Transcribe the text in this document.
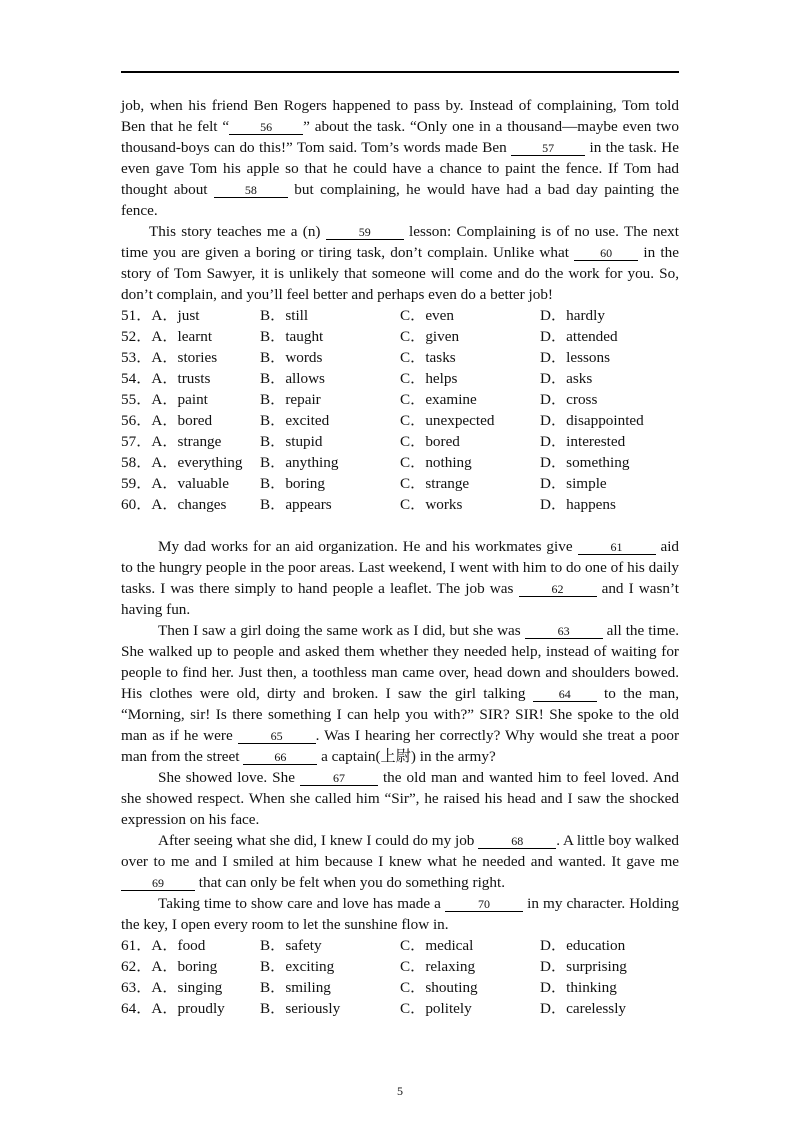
job, when his friend Ben Rogers happened to pass by. Instead of complaining, Tom told Ben that he felt “	56 ” about the task. “Only one in a thousand—maybe even two thousand-boys can do this!” Tom said. Tom’s words made Ben	57 in the task. He even gave Tom his apple so that he could have a chance to paint the fence. If Tom had thought about	58 but complaining, he would have had a bad day painting the fence.

This story teaches me a (n)	59 lesson: Complaining is of no use. The next time you are given a boring or tiring task, don’t complain. Unlike what 60 in the story of Tom Sawyer, it is unlikely that someone will come and do the work for you. So, don’t complain, and you’ll feel better and perhaps even do a better job!

51．A．just	B．still	C．even	D．hardly
52．A．learnt	B．taught	C．given	D．attended
53．A．stories	B．words	C．tasks	D．lessons
54．A．trusts	B．allows	C．helps	D．asks
55．A．paint	B．repair	C．examine	D．cross
56．A．bored	B．excited	C．unexpected	D．disappointed
57．A．strange	B．stupid	C．bored	D．interested
58．A．everything	B．anything	C．nothing	D．something
59．A．valuable	B．boring	C．strange	D．simple
60．A．changes	B．appears	C．works	D．happens

My dad works for an aid organization. He and his workmates give	61 aid to the hungry people in the poor areas. Last weekend, I went with him to do one of his daily tasks. I was there simply to hand people a leaflet. The job was	62 and I wasn’t having fun.

Then I saw a girl doing the same work as I did, but she was	63 all the time. She walked up to people and asked them whether they needed help, instead of waiting for people to find her. Just then, a toothless man came over, head down and shoulders bowed. His clothes were old, dirty and broken. I saw the girl talking 64 to the man, “Morning, sir! Is there something I can help you with?” SIR? SIR! She spoke to the old man as if he were	65 . Was I hearing her correctly? Why would she treat a poor man from the street	66 a captain(上尉) in the army?

She showed love. She	67 the old man and wanted him to feel loved. And she showed respect. When she called him “Sir”, he raised his head and I saw the shocked expression on his face.

After seeing what she did, I knew I could do my job	68 . A little boy walked over to me and I smiled at him because I knew what he needed and wanted. It gave me 69 that can only be felt when you do something right.

Taking time to show care and love has made a	70 in my character. Holding the key, I open every room to let the sunshine flow in.

61．A．food	B．safety	C．medical	D．education
62．A．boring	B．exciting	C．relaxing	D．surprising
63．A．singing	B．smiling	C．shouting	D．thinking
64．A．proudly	B．seriously	C．politely	D．carelessly
5
